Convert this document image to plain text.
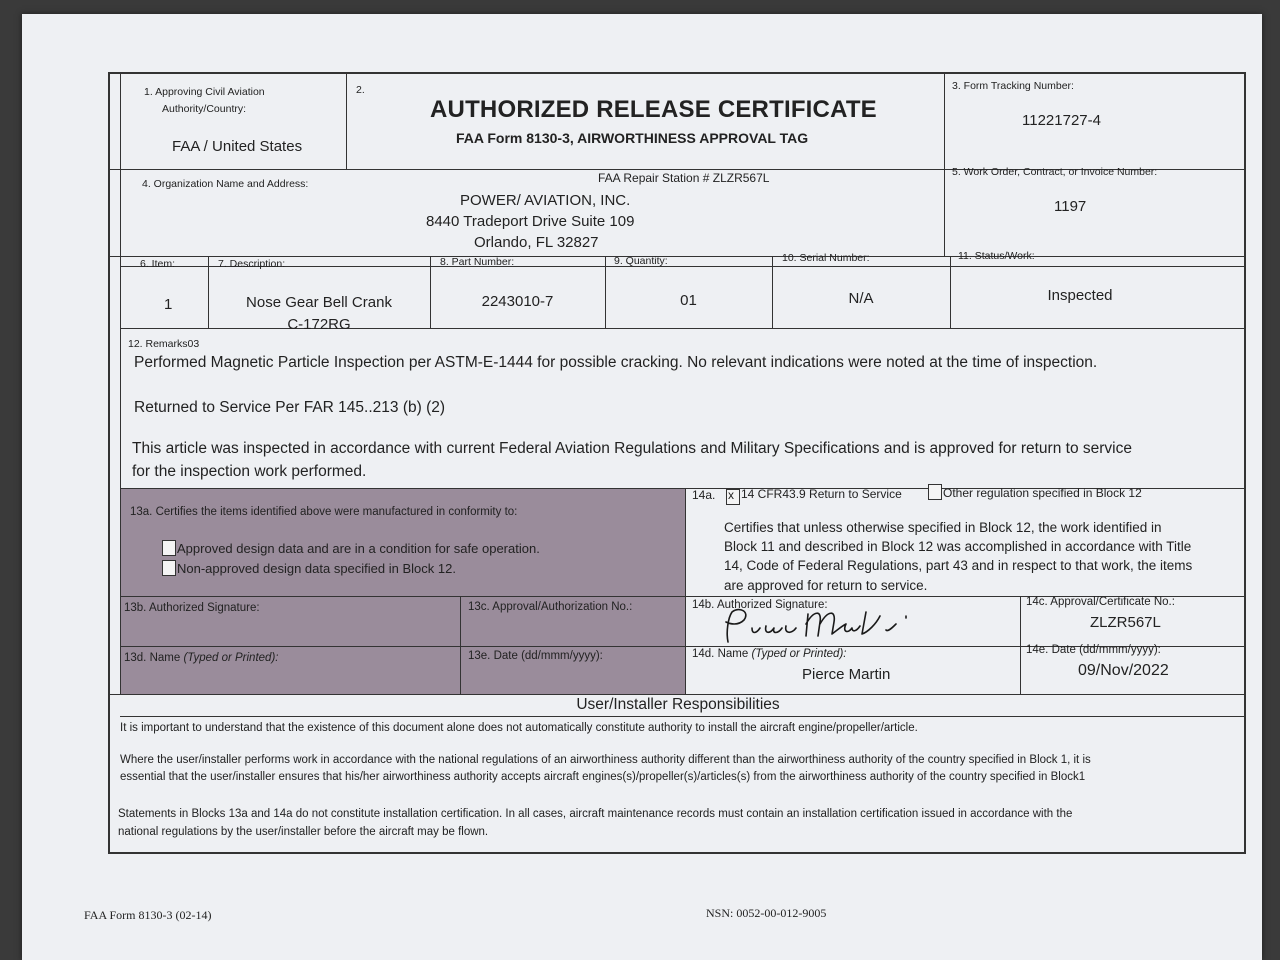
1. Approving Civil Aviation
Authority/Country:
FAA / United States
2.
AUTHORIZED RELEASE CERTIFICATE
FAA Form 8130-3, AIRWORTHINESS APPROVAL TAG
3. Form Tracking Number:
11221727-4
4. Organization Name and Address:	FAA Repair Station # ZLZR567L
POWER/ AVIATION, INC.
8440 Tradeport Drive Suite 109
Orlando, FL 32827
5. Work Order, Contract, or Invoice Number:
1197
6. Item:	7. Description:	8. Part Number:	9. Quantity:	10. Serial Number:	11. Status/Work:
1	Nose Gear Bell Crank
C-172RG
2243010-7	01	N/A	Inspected
12. Remarks03
Performed Magnetic Particle Inspection per ASTM-E-1444 for possible cracking. No relevant indications were noted at the time of inspection.
Returned to Service Per FAR 145..213 (b) (2)
This article was inspected in accordance with current Federal Aviation Regulations and Military Specifications and is approved for return to service
for the inspection work performed.
13a. Certifies the items identified above were manufactured in conformity to:
Approved design data and are in a condition for safe operation.
Non-approved design data specified in Block 12.
14a.
x	14 CFR43.9 Return to Service	Other regulation specified in Block 12
Certifies that unless otherwise specified in Block 12, the work identified in
Block 11 and described in Block 12 was accomplished in accordance with Title
14, Code of Federal Regulations, part 43 and in respect to that work, the items
are approved for return to service.
13b. Authorized Signature:	13c. Approval/Authorization No.:	14b. Authorized Signature:	14c. Approval/Certificate No.:
ZLZR567L
13d. Name (Typed or Printed):	13e. Date (dd/mmm/yyyy):	14d. Name (Typed or Printed):
Pierce Martin
14e. Date (dd/mmm/yyyy):
09/Nov/2022
User/Installer Responsibilities
It is important to understand that the existence of this document alone does not automatically constitute authority to install the aircraft engine/propeller/article.
Where the user/installer performs work in accordance with the national regulations of an airworthiness authority different than the airworthiness authority of the country specified in Block 1, it is
essential that the user/installer ensures that his/her airworthiness authority accepts aircraft engines(s)/propeller(s)/articles(s) from the airworthiness authority of the country specified in Block1
Statements in Blocks 13a and 14a do not constitute installation certification. In all cases, aircraft maintenance records must contain an installation certification issued in accordance with the
national regulations by the user/installer before the aircraft may be flown.
FAA Form 8130-3 (02-14)	NSN: 0052-00-012-9005
